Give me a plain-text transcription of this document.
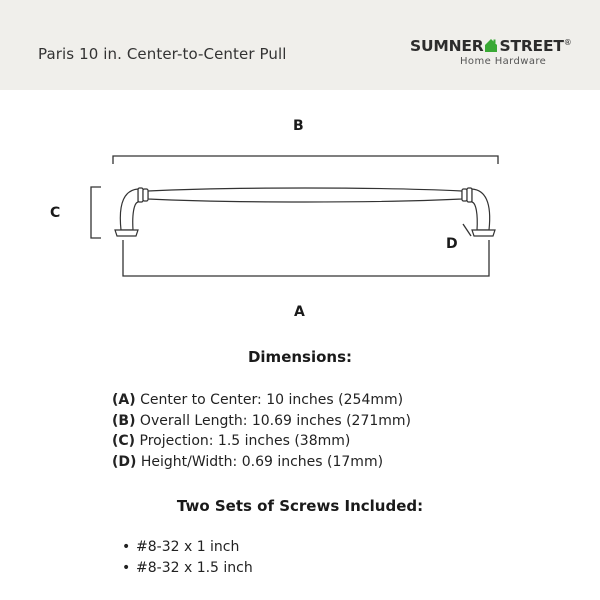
Paris 10 in. Center-to-Center Pull	SUMNER STREET®
Home Hardware
B
C
D
A
Dimensions:
(A) Center to Center: 10 inches (254mm)
(B) Overall Length: 10.69 inches (271mm)
(C) Projection: 1.5 inches (38mm)
(D) Height/Width: 0.69 inches (17mm)
Two Sets of Screws Included:
• #8-32 x 1 inch
• #8-32 x 1.5 inch
